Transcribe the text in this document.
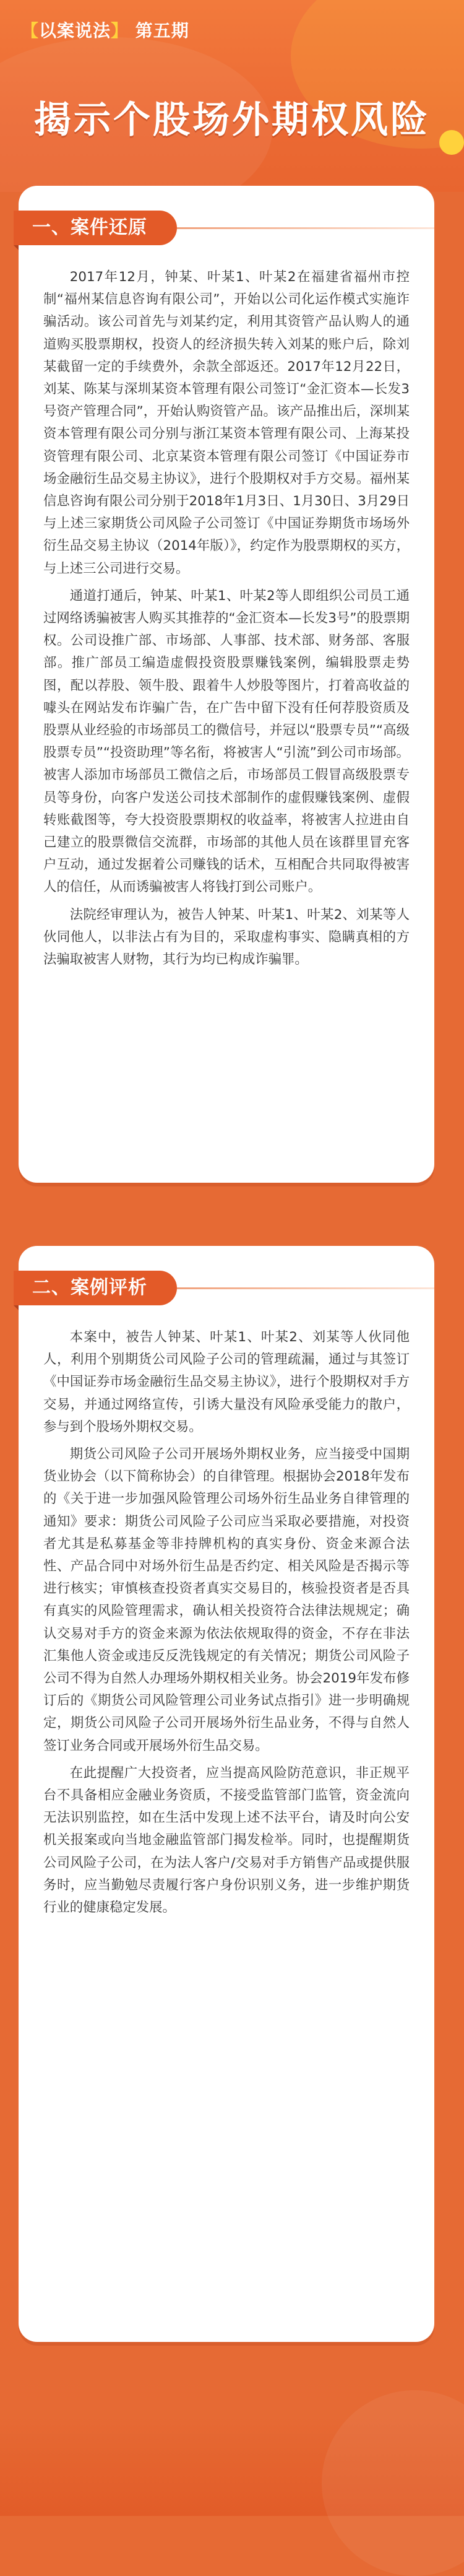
【以案说法】 第五期
揭示个股场外期权风险
一、案件还原

2017年12月，钟某、叶某1、叶某2在福建省福州市控制“福州某信息咨询有限公司”，开始以公司化运作模式实施诈骗活动。该公司首先与刘某约定，利用其资管产品认购人的通道购买股票期权，投资人的经济损失转入刘某的账户后，除刘某截留一定的手续费外，余款全部返还。2017年12月22日，刘某、陈某与深圳某资本管理有限公司签订“金汇资本—长发3号资产管理合同”，开始认购资管产品。该产品推出后，深圳某资本管理有限公司分别与浙江某资本管理有限公司、上海某投资管理有限公司、北京某资本管理有限公司签订《中国证券市场金融衍生品交易主协议》，进行个股期权对手方交易。福州某信息咨询有限公司分别于2018年1月3日、1月30日、3月29日与上述三家期货公司风险子公司签订《中国证券期货市场场外衍生品交易主协议（2014年版）》，约定作为股票期权的买方，与上述三公司进行交易。

通道打通后，钟某、叶某1、叶某2等人即组织公司员工通过网络诱骗被害人购买其推荐的“金汇资本—长发3号”的股票期权。公司设推广部、市场部、人事部、技术部、财务部、客服部。推广部员工编造虚假投资股票赚钱案例，编辑股票走势图，配以荐股、领牛股、跟着牛人炒股等图片，打着高收益的噱头在网站发布诈骗广告，在广告中留下没有任何荐股资质及股票从业经验的市场部员工的微信号，并冠以“股票专员”“高级股票专员”“投资助理”等名衔，将被害人“引流”到公司市场部。被害人添加市场部员工微信之后，市场部员工假冒高级股票专员等身份，向客户发送公司技术部制作的虚假赚钱案例、虚假转账截图等，夸大投资股票期权的收益率，将被害人拉进由自己建立的股票微信交流群，市场部的其他人员在该群里冒充客户互动，通过发据着公司赚钱的话术，互相配合共同取得被害人的信任，从而诱骗被害人将钱打到公司账户。

法院经审理认为，被告人钟某、叶某1、叶某2、刘某等人伙同他人，以非法占有为目的，采取虚构事实、隐瞒真相的方法骗取被害人财物，其行为均已构成诈骗罪。

二、案例评析

本案中，被告人钟某、叶某1、叶某2、刘某等人伙同他人，利用个别期货公司风险子公司的管理疏漏，通过与其签订《中国证券市场金融衍生品交易主协议》，进行个股期权对手方交易，并通过网络宣传，引诱大量没有风险承受能力的散户，参与到个股场外期权交易。

期货公司风险子公司开展场外期权业务，应当接受中国期货业协会（以下简称协会）的自律管理。根据协会2018年发布的《关于进一步加强风险管理公司场外衍生品业务自律管理的通知》要求：期货公司风险子公司应当采取必要措施，对投资者尤其是私募基金等非持牌机构的真实身份、资金来源合法性、产品合同中对场外衍生品是否约定、相关风险是否揭示等进行核实；审慎核查投资者真实交易目的，核验投资者是否具有真实的风险管理需求，确认相关投资符合法律法规规定；确认交易对手方的资金来源为依法依规取得的资金，不存在非法汇集他人资金或违反反洗钱规定的有关情况；期货公司风险子公司不得为自然人办理场外期权相关业务。协会2019年发布修订后的《期货公司风险管理公司业务试点指引》进一步明确规定，期货公司风险子公司开展场外衍生品业务，不得与自然人签订业务合同或开展场外衍生品交易。

在此提醒广大投资者，应当提高风险防范意识，非正规平台不具备相应金融业务资质，不接受监管部门监管，资金流向无法识别监控，如在生活中发现上述不法平台，请及时向公安机关报案或向当地金融监管部门揭发检举。同时，也提醒期货公司风险子公司，在为法人客户/交易对手方销售产品或提供服务时，应当勤勉尽责履行客户身份识别义务，进一步维护期货行业的健康稳定发展。
